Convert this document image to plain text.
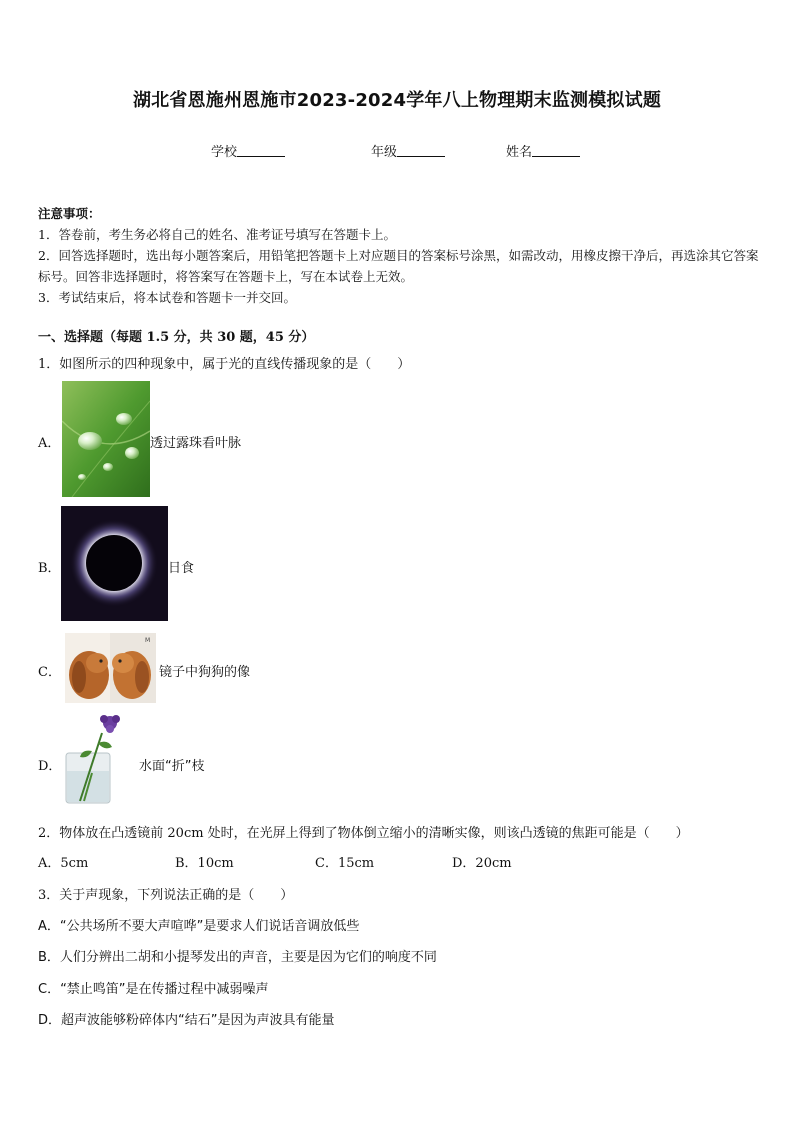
湖北省恩施州恩施市2023-2024学年八上物理期末监测模拟试题
学校	年级	姓名
注意事项：
1．答卷前，考生务必将自己的姓名、准考证号填写在答题卡上。
2．回答选择题时，选出每小题答案后，用铅笔把答题卡上对应题目的答案标号涂黑，如需改动，用橡皮擦干净后，再选涂其它答案标号。回答非选择题时，将答案写在答题卡上，写在本试卷上无效。
3．考试结束后，将本试卷和答题卡一并交回。
一、选择题（每题 1.5 分，共 30 题，45 分）
1．如图所示的四种现象中，属于光的直线传播现象的是（　　）
A．	透过露珠看叶脉
B．	日食
C．
M
镜子中狗狗的像
D．	水面“折”枝
2．物体放在凸透镜前 20cm 处时，在光屏上得到了物体倒立缩小的清晰实像，则该凸透镜的焦距可能是（　　）
A．5cm	B．10cm	C．15cm	D．20cm
3．关于声现象，下列说法正确的是（　　）
A．“公共场所不要大声喧哗”是要求人们说话音调放低些
B．人们分辨出二胡和小提琴发出的声音，主要是因为它们的响度不同
C．“禁止鸣笛”是在传播过程中减弱噪声
D．超声波能够粉碎体内“结石”是因为声波具有能量
